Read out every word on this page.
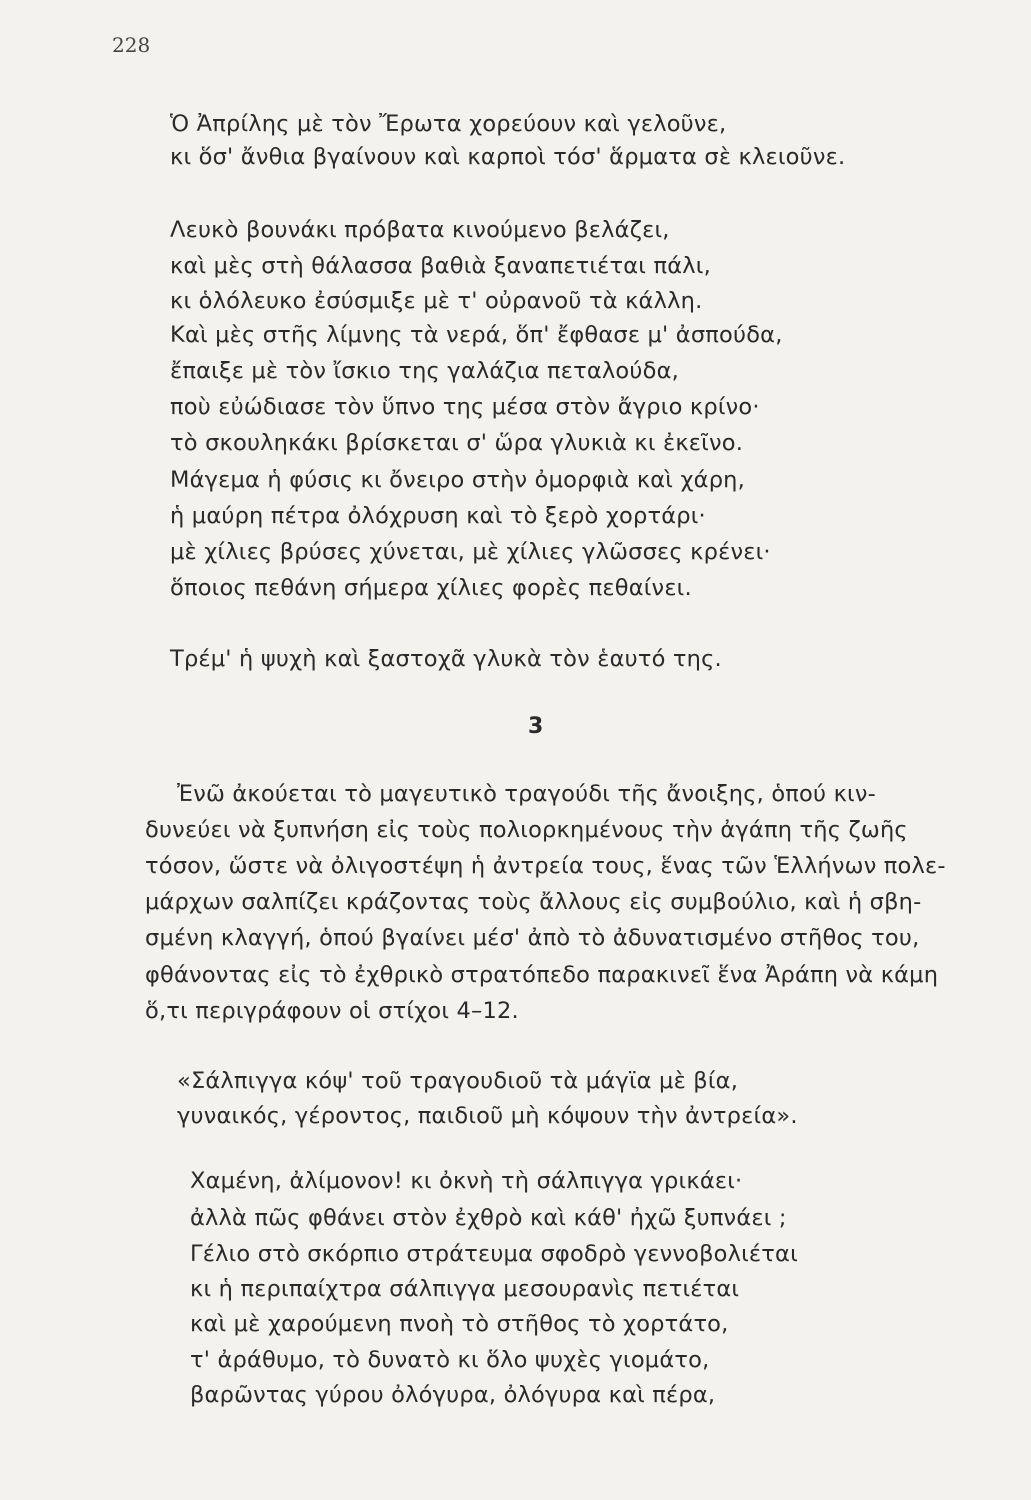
228
Ὁ Ἀπρίλης μὲ τὸν Ἔρωτα χορεύουν καὶ γελοῦνε,
κι ὅσ' ἄνθια βγαίνουν καὶ καρποὶ τόσ' ἅρματα σὲ κλειοῦνε.
Λευκὸ βουνάκι πρόβατα κινούμενο βελάζει,
καὶ μὲς στὴ θάλασσα βαθιὰ ξαναπετιέται πάλι,
κι ὁλόλευκο ἐσύσμιξε μὲ τ' οὐρανοῦ τὰ κάλλη.
Καὶ μὲς στῆς λίμνης τὰ νερά, ὅπ' ἔφθασε μ' ἀσπούδα,
ἔπαιξε μὲ τὸν ἴσκιο της γαλάζια πεταλούδα,
ποὺ εὐώδιασε τὸν ὕπνο της μέσα στὸν ἄγριο κρίνο·
τὸ σκουληκάκι βρίσκεται σ' ὥρα γλυκιὰ κι ἐκεῖνο.
Μάγεμα ἡ φύσις κι ὄνειρο στὴν ὀμορφιὰ καὶ χάρη,
ἡ μαύρη πέτρα ὀλόχρυση καὶ τὸ ξερὸ χορτάρι·
μὲ χίλιες βρύσες χύνεται, μὲ χίλιες γλῶσσες κρένει·
ὅποιος πεθάνη σήμερα χίλιες φορὲς πεθαίνει.
Τρέμ' ἡ ψυχὴ καὶ ξαστοχᾶ γλυκὰ τὸν ἑαυτό της.
3
Ἐνῶ ἀκούεται τὸ μαγευτικὸ τραγούδι τῆς ἄνοιξης, ὁπού κιν-
δυνεύει νὰ ξυπνήση εἰς τοὺς πολιορκημένους τὴν ἀγάπη τῆς ζωῆς
τόσον, ὥστε νὰ ὀλιγοστέψη ἡ ἀντρεία τους, ἕνας τῶν Ἑλλήνων πολε-
μάρχων σαλπίζει κράζοντας τοὺς ἄλλους εἰς συμβούλιο, καὶ ἡ σβη-
σμένη κλαγγή, ὁπού βγαίνει μέσ' ἀπὸ τὸ ἀδυνατισμένο στῆθος του,
φθάνοντας εἰς τὸ ἐχθρικὸ στρατόπεδο παρακινεῖ ἕνα Ἀράπη νὰ κάμη
ὅ,τι περιγράφουν οἱ στίχοι 4–12.
«Σάλπιγγα κόψ' τοῦ τραγουδιοῦ τὰ μάγϊα μὲ βία,
γυναικός, γέροντος, παιδιοῦ μὴ κόψουν τὴν ἀντρεία».
Χαμένη, ἀλίμονον! κι ὀκνὴ τὴ σάλπιγγα γρικάει·
ἀλλὰ πῶς φθάνει στὸν ἐχθρὸ καὶ κάθ' ἠχῶ ξυπνάει ;
Γέλιο στὸ σκόρπιο στράτευμα σφοδρὸ γεννοβολιέται
κι ἡ περιπαίχτρα σάλπιγγα μεσουρανὶς πετιέται
καὶ μὲ χαρούμενη πνοὴ τὸ στῆθος τὸ χορτάτο,
τ' ἀράθυμο, τὸ δυνατὸ κι ὅλο ψυχὲς γιομάτο,
βαρῶντας γύρου ὀλόγυρα, ὀλόγυρα καὶ πέρα,
